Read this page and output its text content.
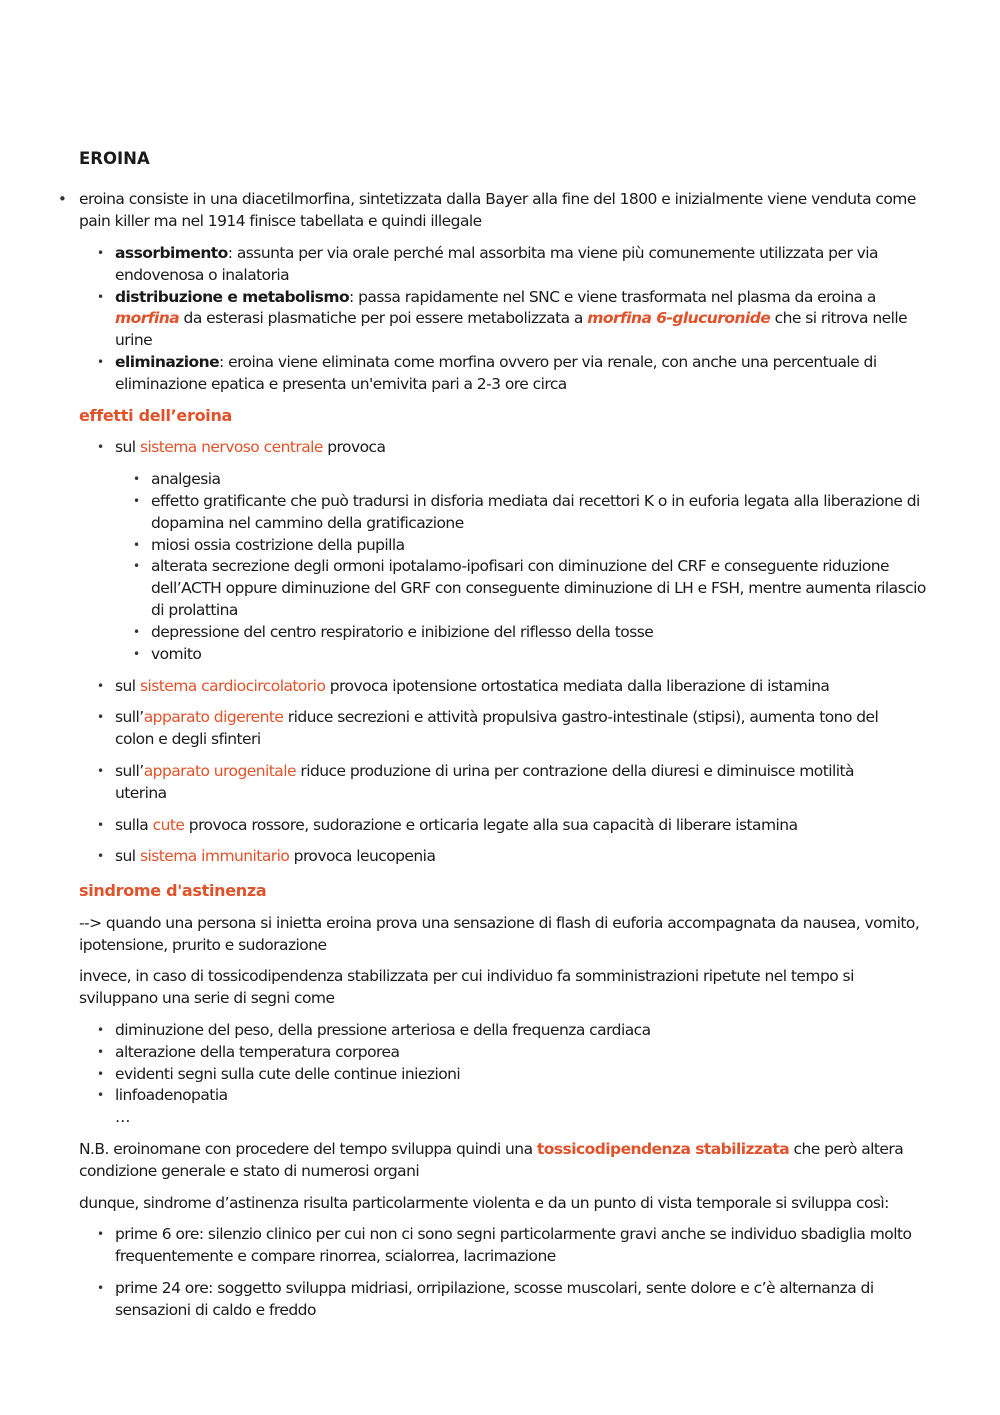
EROINA
• eroina consiste in una diacetilmorfina, sintetizzata dalla Bayer alla fine del 1800 e inizialmente viene venduta come
pain killer ma nel 1914 finisce tabellata e quindi illegale
• assorbimento: assunta per via orale perché mal assorbita ma viene più comunemente utilizzata per via
endovenosa o inalatoria
• distribuzione e metabolismo: passa rapidamente nel SNC e viene trasformata nel plasma da eroina a
morfina da esterasi plasmatiche per poi essere metabolizzata a morfina 6-glucuronide che si ritrova nelle
urine
• eliminazione: eroina viene eliminata come morfina ovvero per via renale, con anche una percentuale di
eliminazione epatica e presenta un'emivita pari a 2-3 ore circa
effetti dell’eroina
• sul sistema nervoso centrale provoca
• analgesia
• effetto gratificante che può tradursi in disforia mediata dai recettori K o in euforia legata alla liberazione di
dopamina nel cammino della gratificazione
• miosi ossia costrizione della pupilla
• alterata secrezione degli ormoni ipotalamo-ipofisari con diminuzione del CRF e conseguente riduzione
dell’ACTH oppure diminuzione del GRF con conseguente diminuzione di LH e FSH, mentre aumenta rilascio
di prolattina
• depressione del centro respiratorio e inibizione del riflesso della tosse
• vomito
• sul sistema cardiocircolatorio provoca ipotensione ortostatica mediata dalla liberazione di istamina
• sull’apparato digerente riduce secrezioni e attività propulsiva gastro-intestinale (stipsi), aumenta tono del
colon e degli sfinteri
• sull’apparato urogenitale riduce produzione di urina per contrazione della diuresi e diminuisce motilità
uterina
• sulla cute provoca rossore, sudorazione e orticaria legate alla sua capacità di liberare istamina
• sul sistema immunitario provoca leucopenia
sindrome d'astinenza
--> quando una persona si inietta eroina prova una sensazione di flash di euforia accompagnata da nausea, vomito,
ipotensione, prurito e sudorazione
invece, in caso di tossicodipendenza stabilizzata per cui individuo fa somministrazioni ripetute nel tempo si
sviluppano una serie di segni come
• diminuzione del peso, della pressione arteriosa e della frequenza cardiaca
• alterazione della temperatura corporea
• evidenti segni sulla cute delle continue iniezioni
• linfoadenopatia
…
N.B. eroinomane con procedere del tempo sviluppa quindi una tossicodipendenza stabilizzata che però altera
condizione generale e stato di numerosi organi
dunque, sindrome d’astinenza risulta particolarmente violenta e da un punto di vista temporale si sviluppa così:
• prime 6 ore: silenzio clinico per cui non ci sono segni particolarmente gravi anche se individuo sbadiglia molto
frequentemente e compare rinorrea, scialorrea, lacrimazione
• prime 24 ore: soggetto sviluppa midriasi, orripilazione, scosse muscolari, sente dolore e c’è alternanza di
sensazioni di caldo e freddo
